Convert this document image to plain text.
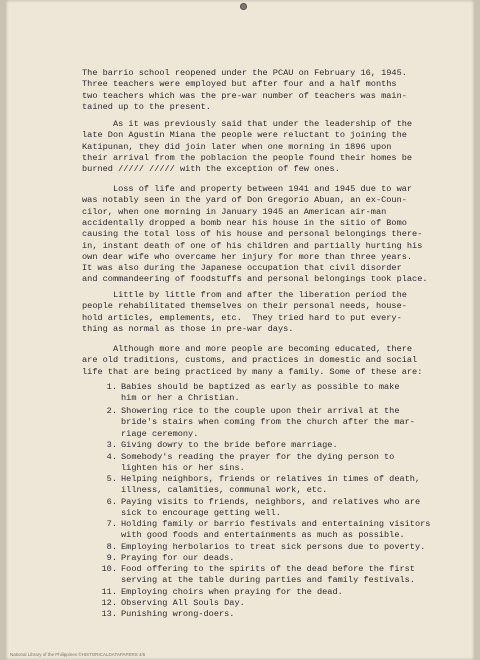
The barrio school reopened under the PCAU on February 16, 1945.
Three teachers were employed but after four and a half months
two teachers which was the pre-war number of teachers was main-
tained up to the present.
As it was previously said that under the leadership of the
late Don Agustin Miana the people were reluctant to joining the
Katipunan, they did join later when one morning in 1896 upon
their arrival from the poblacion the people found their homes be
burned ///// ///// with the exception of few ones.
Loss of life and property between 1941 and 1945 due to war
was notably seen in the yard of Don Gregorio Abuan, an ex-Coun-
cilor, when one morning in January 1945 an American air-man
accidentally dropped a bomb near his house in the sitio of Bomo
causing the total loss of his house and personal belongings there-
in, instant death of one of his children and partially hurting his
own dear wife who overcame her injury for more than three years.
It was also during the Japanese occupation that civil disorder
and commandeering of foodstuffs and personal belongings took place.
Little by little from and after the liberation period the
people rehabilitated themselves on their personal needs, house-
hold articles, emplements, etc.  They tried hard to put every-
thing as normal as those in pre-war days.
Although more and more people are becoming educated, there
are old traditions, customs, and practices in domestic and social
life that are being practiced by many a family. Some of these are:
1. Babies should be baptized as early as possible to make
him or her a Christian.
2. Showering rice to the couple upon their arrival at the
bride's stairs when coming from the church after the mar-
riage ceremony.
3. Giving dowry to the bride before marriage.
4. Somebody's reading the prayer for the dying person to
lighten his or her sins.
5. Helping neighbors, friends or relatives in times of death,
illness, calamities, communal work, etc.
6. Paying visits to friends, neighbors, and relatives who are
sick to encourage getting well.
7. Holding family or barrio festivals and entertaining visitors
with good foods and entertainments as much as possible.
8. Employing herbolarios to treat sick persons due to poverty.
9. Praying for our deads.
10. Food offering to the spirits of the dead before the first
serving at the table during parties and family festivals.
11. Employing choirs when praying for the dead.
12. Observing All Souls Day.
13. Punishing wrong-doers.
National Library of the Philippines ©HISTORICALDATAPAPERS 4/6
